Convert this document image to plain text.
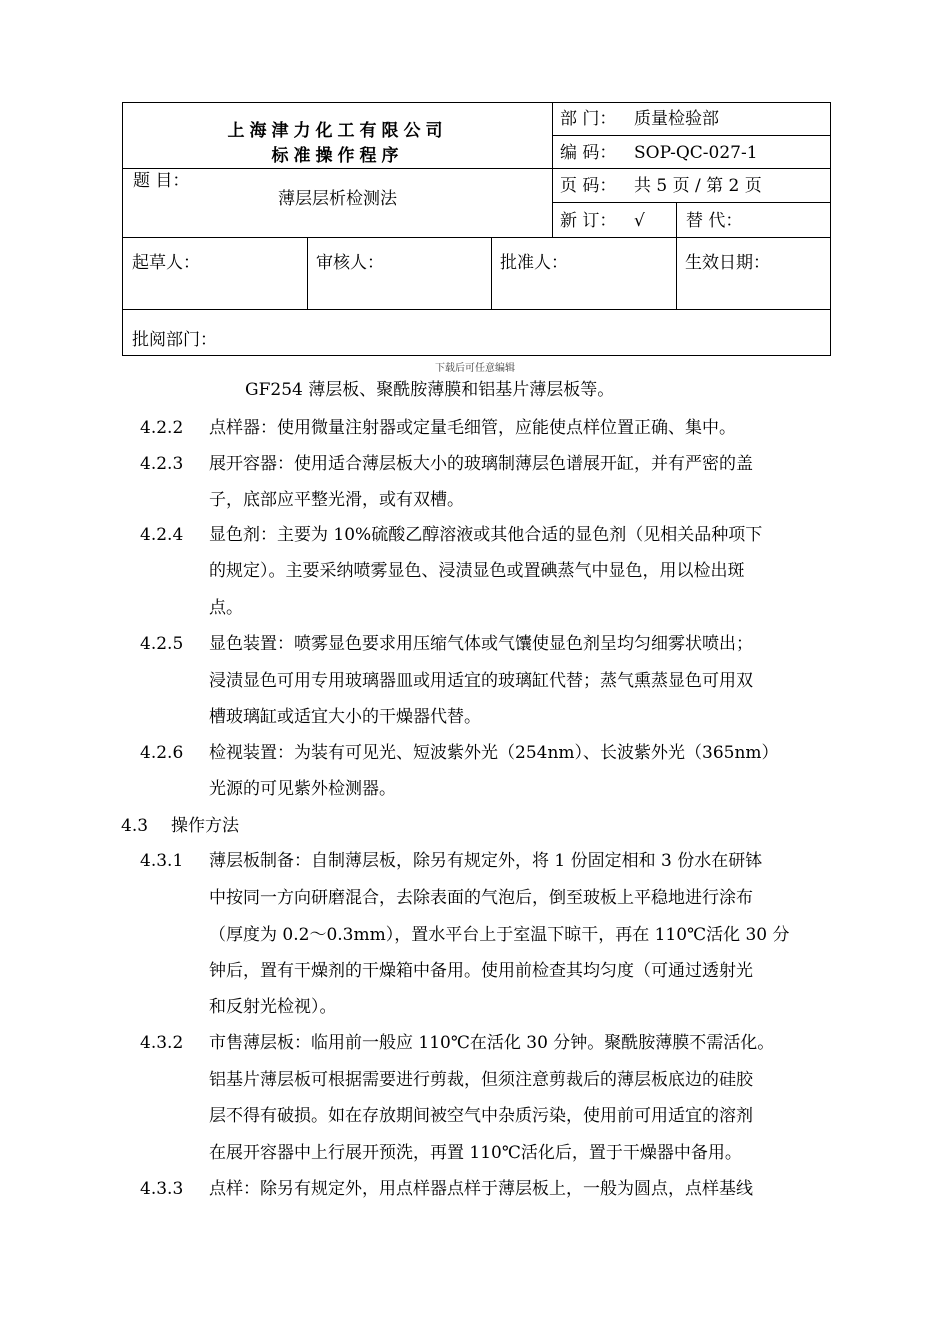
上海津力化工有限公司
标准操作程序
部 门： 质量检验部
编 码： SOP-QC-027-1
题 目：
薄层层析检测法
页 码： 共 5 页 / 第 2 页
新 订： √ 替 代：
起草人：	审核人：	批准人：	生效日期：
批阅部门：
下载后可任意编辑
GF254 薄层板、聚酰胺薄膜和铝基片薄层板等。
4.2.2 点样器：使用微量注射器或定量毛细管，应能使点样位置正确、集中。
4.2.3 展开容器：使用适合薄层板大小的玻璃制薄层色谱展开缸，并有严密的盖
子，底部应平整光滑，或有双槽。
4.2.4 显色剂：主要为 10%硫酸乙醇溶液或其他合适的显色剂（见相关品种项下
的规定）。主要采纳喷雾显色、浸渍显色或置碘蒸气中显色，用以检出斑
点。
4.2.5 显色装置：喷雾显色要求用压缩气体或气馕使显色剂呈均匀细雾状喷出；
浸渍显色可用专用玻璃器皿或用适宜的玻璃缸代替；蒸气熏蒸显色可用双
槽玻璃缸或适宜大小的干燥器代替。
4.2.6 检视装置：为装有可见光、短波紫外光（254nm）、长波紫外光（365nm）
光源的可见紫外检测器。
4.3 操作方法
4.3.1 薄层板制备：自制薄层板，除另有规定外，将 1 份固定相和 3 份水在研钵
中按同一方向研磨混合，去除表面的气泡后，倒至玻板上平稳地进行涂布
（厚度为 0.2～0.3mm），置水平台上于室温下晾干，再在 110℃活化 30 分
钟后，置有干燥剂的干燥箱中备用。使用前检查其均匀度（可通过透射光
和反射光检视）。
4.3.2 市售薄层板：临用前一般应 110℃在活化 30 分钟。聚酰胺薄膜不需活化。
铝基片薄层板可根据需要进行剪裁，但须注意剪裁后的薄层板底边的硅胶
层不得有破损。如在存放期间被空气中杂质污染，使用前可用适宜的溶剂
在展开容器中上行展开预洗，再置 110℃活化后，置于干燥器中备用。
4.3.3 点样：除另有规定外，用点样器点样于薄层板上，一般为圆点，点样基线
